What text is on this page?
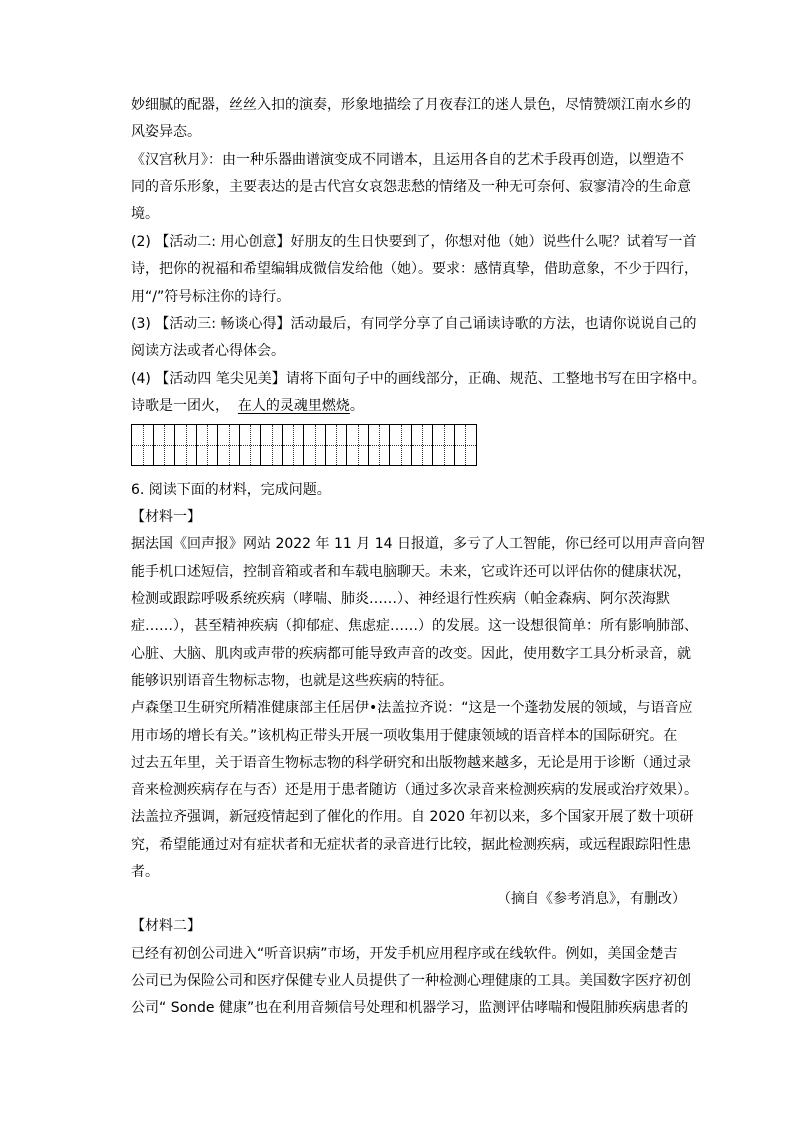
妙细腻的配器，丝丝入扣的演奏，形象地描绘了月夜春江的迷人景色，尽情赞颂江南水乡的
风姿异态。
《汉宫秋月》：由一种乐器曲谱演变成不同谱本，且运用各自的艺术手段再创造，以塑造不
同的音乐形象，主要表达的是古代宫女哀怨悲愁的情绪及一种无可奈何、寂寥清冷的生命意
境。
(2) 【活动二: 用心创意】好朋友的生日快要到了，你想对他（她）说些什么呢？试着写一首
诗，把你的祝福和希望编辑成微信发给他（她）。要求：感情真挚，借助意象，不少于四行，
用“/”符号标注你的诗行。
(3) 【活动三: 畅谈心得】活动最后，有同学分享了自己诵读诗歌的方法，也请你说说自己的
阅读方法或者心得体会。
(4) 【活动四 笔尖见美】请将下面句子中的画线部分，正确、规范、工整地书写在田字格中。
诗歌是一团火， 在人的灵魂里燃烧。
6. 阅读下面的材料，完成问题。
【材料一】
据法国《回声报》网站 2022 年 11 月 14 日报道，多亏了人工智能，你已经可以用声音向智
能手机口述短信，控制音箱或者和车载电脑聊天。未来，它或许还可以评估你的健康状况，
检测或跟踪呼吸系统疾病（哮喘、肺炎……）、神经退行性疾病（帕金森病、阿尔茨海默
症……），甚至精神疾病（抑郁症、焦虑症……）的发展。这一设想很简单：所有影响肺部、
心脏、大脑、肌肉或声带的疾病都可能导致声音的改变。因此，使用数字工具分析录音，就
能够识别语音生物标志物，也就是这些疾病的特征。
卢森堡卫生研究所精准健康部主任居伊•法盖拉齐说：“这是一个蓬勃发展的领域，与语音应
用市场的增长有关。”该机构正带头开展一项收集用于健康领域的语音样本的国际研究。在
过去五年里，关于语音生物标志物的科学研究和出版物越来越多，无论是用于诊断（通过录
音来检测疾病存在与否）还是用于患者随访（通过多次录音来检测疾病的发展或治疗效果）。
法盖拉齐强调，新冠疫情起到了催化的作用。自 2020 年初以来，多个国家开展了数十项研
究，希望能通过对有症状者和无症状者的录音进行比较，据此检测疾病，或远程跟踪阳性患
者。
（摘自《参考消息》，有删改）
【材料二】
已经有初创公司进入“听音识病”市场，开发手机应用程序或在线软件。例如，美国金楚吉
公司已为保险公司和医疗保健专业人员提供了一种检测心理健康的工具。美国数字医疗初创
公司“ Sonde 健康”也在利用音频信号处理和机器学习，监测评估哮喘和慢阻肺疾病患者的
